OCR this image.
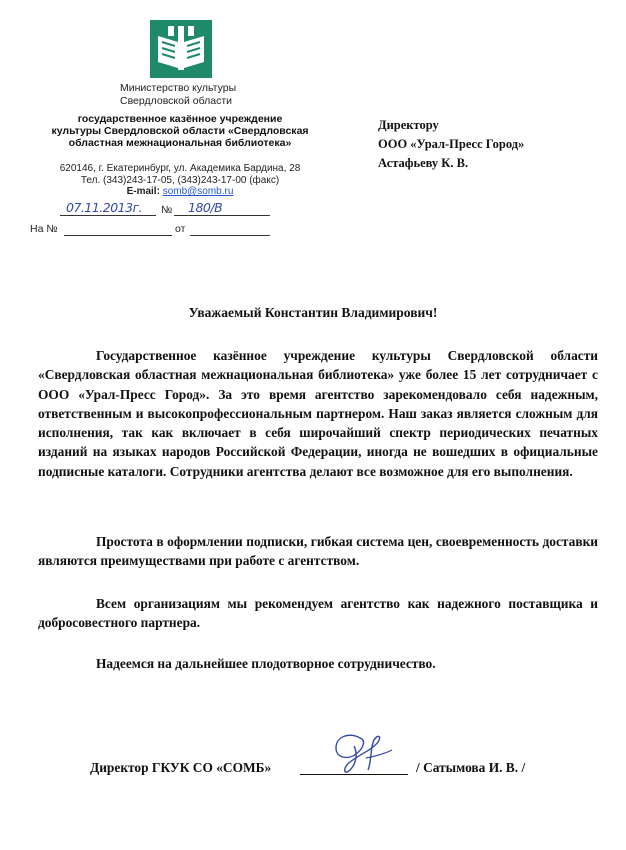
Министерство культуры
Свердловской области
государственное казённое учреждение
культуры Свердловской области «Свердловская
областная межнациональная библиотека»
620146, г. Екатеринбург, ул. Академика Бардина, 28
Тел. (343)243-17-05, (343)243-17-00 (факс)
E-mail: somb@somb.ru
07.11.2013г. № 180/В
На №	от
Директору
ООО «Урал-Пресс Город»
Астафьеву К. В.
Уважаемый Константин Владимирович!

Государственное казённое учреждение культуры Свердловской области «Свердловская областная межнациональная библиотека» уже более 15 лет сотрудничает с ООО «Урал-Пресс Город». За это время агентство зарекомендовало себя надежным, ответственным и высокопрофессиональным партнером. Наш заказ является сложным для исполнения, так как включает в себя широчайший спектр периодических печатных изданий на языках народов Российской Федерации, иногда не вошедших в официальные подписные каталоги. Сотрудники агентства делают все возможное для его выполнения.

Простота в оформлении подписки, гибкая система цен, своевременность доставки являются преимуществами при работе с агентством.

Всем организациям мы рекомендуем агентство как надежного поставщика и добросовестного партнера.

Надеемся на дальнейшее плодотворное сотрудничество.

Директор ГКУК СО «СОМБ»	/ Сатымова И. В. /
